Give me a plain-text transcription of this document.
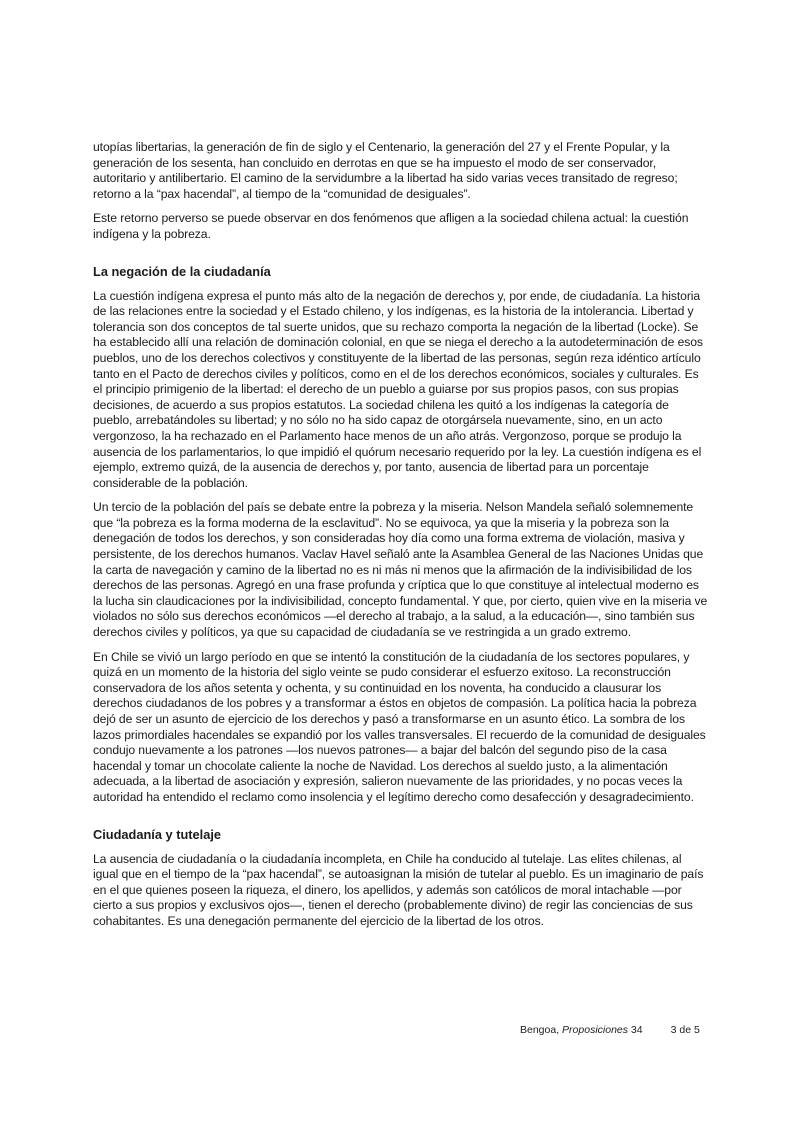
utopías libertarias, la generación de fin de siglo y el Centenario, la generación del 27 y el Frente Popular, y la generación de los sesenta, han concluido en derrotas en que se ha impuesto el modo de ser conservador, autoritario y antilibertario. El camino de la servidumbre a la libertad ha sido varias veces transitado de regreso; retorno a la “pax hacendal”, al tiempo de la “comunidad de desiguales”.

Este retorno perverso se puede observar en dos fenómenos que afligen a la sociedad chilena actual: la cuestión indígena y la pobreza.

La negación de la ciudadanía

La cuestión indígena expresa el punto más alto de la negación de derechos y, por ende, de ciudadanía. La historia de las relaciones entre la sociedad y el Estado chileno, y los indígenas, es la historia de la intolerancia. Libertad y tolerancia son dos conceptos de tal suerte unidos, que su rechazo comporta la negación de la libertad (Locke). Se ha establecido allí una relación de dominación colonial, en que se niega el derecho a la autodeterminación de esos pueblos, uno de los derechos colectivos y constituyente de la libertad de las personas, según reza idéntico artículo tanto en el Pacto de derechos civiles y políticos, como en el de los derechos económicos, sociales y culturales. Es el principio primigenio de la libertad: el derecho de un pueblo a guiarse por sus propios pasos, con sus propias decisiones, de acuerdo a sus propios estatutos. La sociedad chilena les quitó a los indígenas la categoría de pueblo, arrebatándoles su libertad; y no sólo no ha sido capaz de otorgársela nuevamente, sino, en un acto vergonzoso, la ha rechazado en el Parlamento hace menos de un año atrás. Vergonzoso, porque se produjo la ausencia de los parlamentarios, lo que impidió el quórum necesario requerido por la ley. La cuestión indígena es el ejemplo, extremo quizá, de la ausencia de derechos y, por tanto, ausencia de libertad para un porcentaje considerable de la población.

Un tercio de la población del país se debate entre la pobreza y la miseria. Nelson Mandela señaló solemnemente que “la pobreza es la forma moderna de la esclavitud”. No se equivoca, ya que la miseria y la pobreza son la denegación de todos los derechos, y son consideradas hoy día como una forma extrema de violación, masiva y persistente, de los derechos humanos. Vaclav Havel señaló ante la Asamblea General de las Naciones Unidas que la carta de navegación y camino de la libertad no es ni más ni menos que la afirmación de la indivisibilidad de los derechos de las personas. Agregó en una frase profunda y críptica que lo que constituye al intelectual moderno es la lucha sin claudicaciones por la indivisibilidad, concepto fundamental. Y que, por cierto, quien vive en la miseria ve violados no sólo sus derechos económicos —el derecho al trabajo, a la salud, a la educación—, sino también sus derechos civiles y políticos, ya que su capacidad de ciudadanía se ve restringida a un grado extremo.

En Chile se vivió un largo período en que se intentó la constitución de la ciudadanía de los sectores populares, y quizá en un momento de la historia del siglo veinte se pudo considerar el esfuerzo exitoso. La reconstrucción conservadora de los años setenta y ochenta, y su continuidad en los noventa, ha conducido a clausurar los derechos ciudadanos de los pobres y a transformar a éstos en objetos de compasión. La política hacia la pobreza dejó de ser un asunto de ejercicio de los derechos y pasó a transformarse en un asunto ético. La sombra de los lazos primordiales hacendales se expandió por los valles transversales. El recuerdo de la comunidad de desiguales condujo nuevamente a los patrones —los nuevos patrones— a bajar del balcón del segundo piso de la casa hacendal y tomar un chocolate caliente la noche de Navidad. Los derechos al sueldo justo, a la alimentación adecuada, a la libertad de asociación y expresión, salieron nuevamente de las prioridades, y no pocas veces la autoridad ha entendido el reclamo como insolencia y el legítimo derecho como desafección y desagradecimiento.

Ciudadanía y tutelaje

La ausencia de ciudadanía o la ciudadanía incompleta, en Chile ha conducido al tutelaje. Las elites chilenas, al igual que en el tiempo de la “pax hacendal”, se autoasignan la misión de tutelar al pueblo. Es un imaginario de país en el que quienes poseen la riqueza, el dinero, los apellidos, y además son católicos de moral intachable —por cierto a sus propios y exclusivos ojos—, tienen el derecho (probablemente divino) de regir las conciencias de sus cohabitantes. Es una denegación permanente del ejercicio de la libertad de los otros.

Bengoa, Proposiciones 34	3 de 5
